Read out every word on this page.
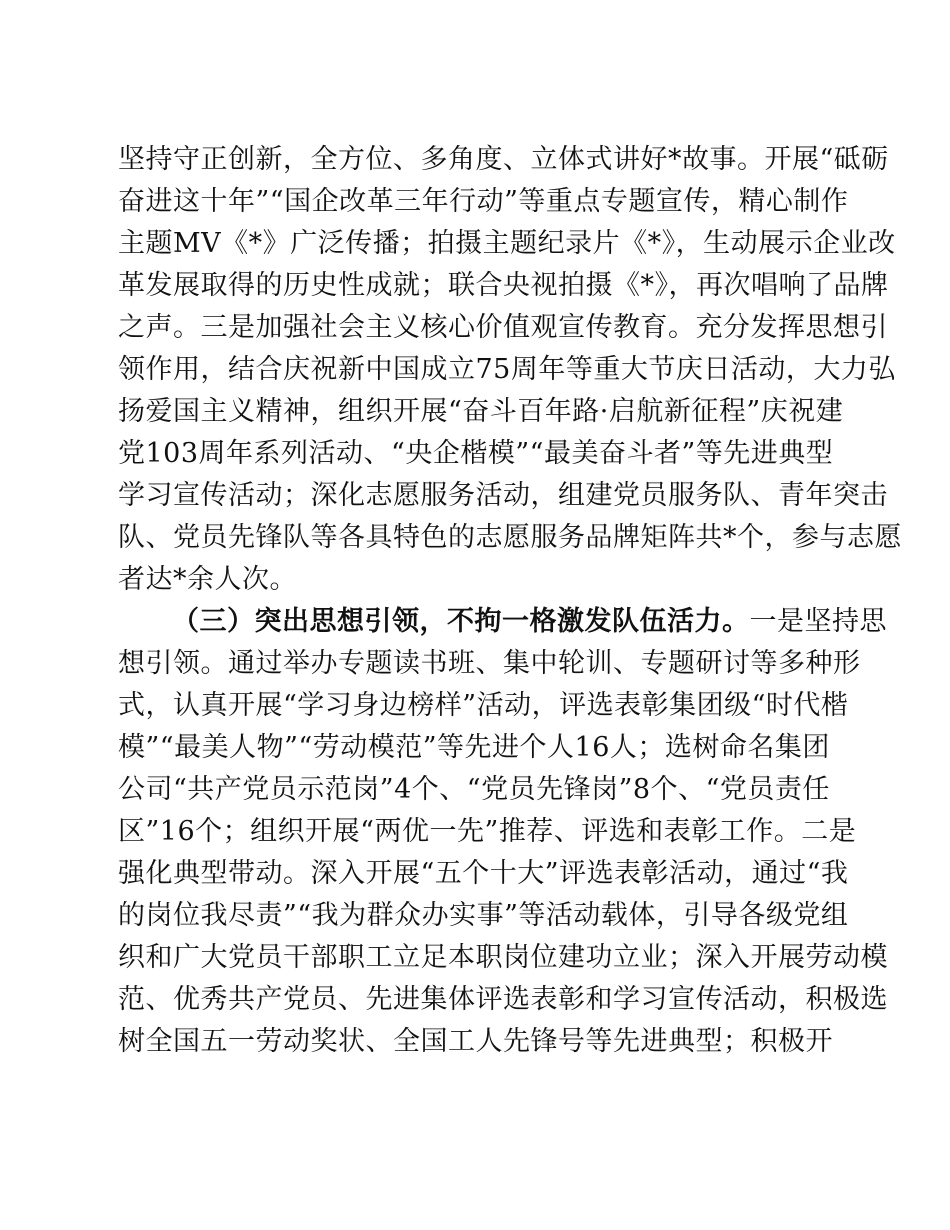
坚持守正创新，全方位、多角度、立体式讲好*故事。开展“砥砺
奋进这十年”“国企改革三年行动”等重点专题宣传，精心制作
主题MV《*》广泛传播；拍摄主题纪录片《*》，生动展示企业改
革发展取得的历史性成就；联合央视拍摄《*》，再次唱响了品牌
之声。三是加强社会主义核心价值观宣传教育。充分发挥思想引
领作用，结合庆祝新中国成立75周年等重大节庆日活动，大力弘
扬爱国主义精神，组织开展“奋斗百年路·启航新征程”庆祝建
党103周年系列活动、“央企楷模”“最美奋斗者”等先进典型
学习宣传活动；深化志愿服务活动，组建党员服务队、青年突击
队、党员先锋队等各具特色的志愿服务品牌矩阵共*个，参与志愿
者达*余人次。
（三）突出思想引领，不拘一格激发队伍活力。一是坚持思
想引领。通过举办专题读书班、集中轮训、专题研讨等多种形
式，认真开展“学习身边榜样”活动，评选表彰集团级“时代楷
模”“最美人物”“劳动模范”等先进个人16人；选树命名集团
公司“共产党员示范岗”4个、“党员先锋岗”8个、“党员责任
区”16个；组织开展“两优一先”推荐、评选和表彰工作。二是
强化典型带动。深入开展“五个十大”评选表彰活动，通过“我
的岗位我尽责”“我为群众办实事”等活动载体，引导各级党组
织和广大党员干部职工立足本职岗位建功立业；深入开展劳动模
范、优秀共产党员、先进集体评选表彰和学习宣传活动，积极选
树全国五一劳动奖状、全国工人先锋号等先进典型；积极开
